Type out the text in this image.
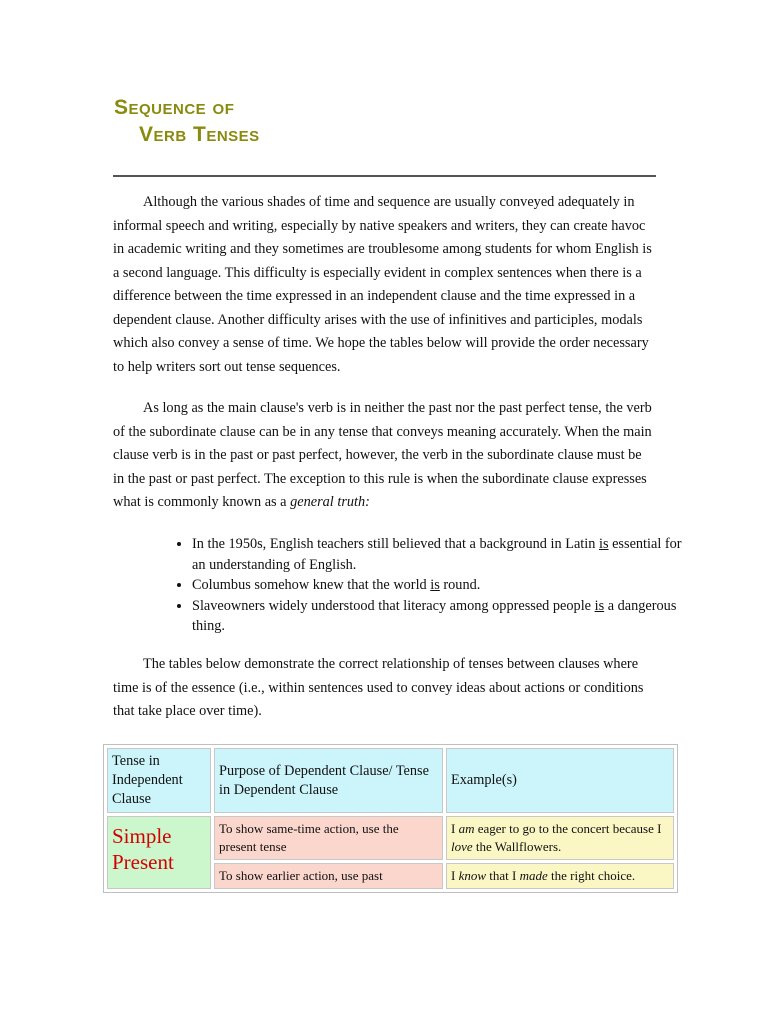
Sequence of
Verb Tenses

Although the various shades of time and sequence are usually conveyed adequately in informal speech and writing, especially by native speakers and writers, they can create havoc in academic writing and they sometimes are troublesome among students for whom English is a second language. This difficulty is especially evident in complex sentences when there is a difference between the time expressed in an independent clause and the time expressed in a dependent clause. Another difficulty arises with the use of infinitives and participles, modals which also convey a sense of time. We hope the tables below will provide the order necessary to help writers sort out tense sequences.

As long as the main clause's verb is in neither the past nor the past perfect tense, the verb of the subordinate clause can be in any tense that conveys meaning accurately. When the main clause verb is in the past or past perfect, however, the verb in the subordinate clause must be in the past or past perfect. The exception to this rule is when the subordinate clause expresses what is commonly known as a general truth:

• In the 1950s, English teachers still believed that a background in Latin is essential for an understanding of English.
• Columbus somehow knew that the world is round.
• Slaveowners widely understood that literacy among oppressed people is a dangerous thing.

The tables below demonstrate the correct relationship of tenses between clauses where time is of the essence (i.e., within sentences used to convey ideas about actions or conditions that take place over time).

Tense in Independent Clause	Purpose of Dependent Clause/ Tense in Dependent Clause	Example(s)
Simple Present	To show same-time action, use the present tense	I am eager to go to the concert because I love the Wallflowers.
	To show earlier action, use past	I know that I made the right choice.
